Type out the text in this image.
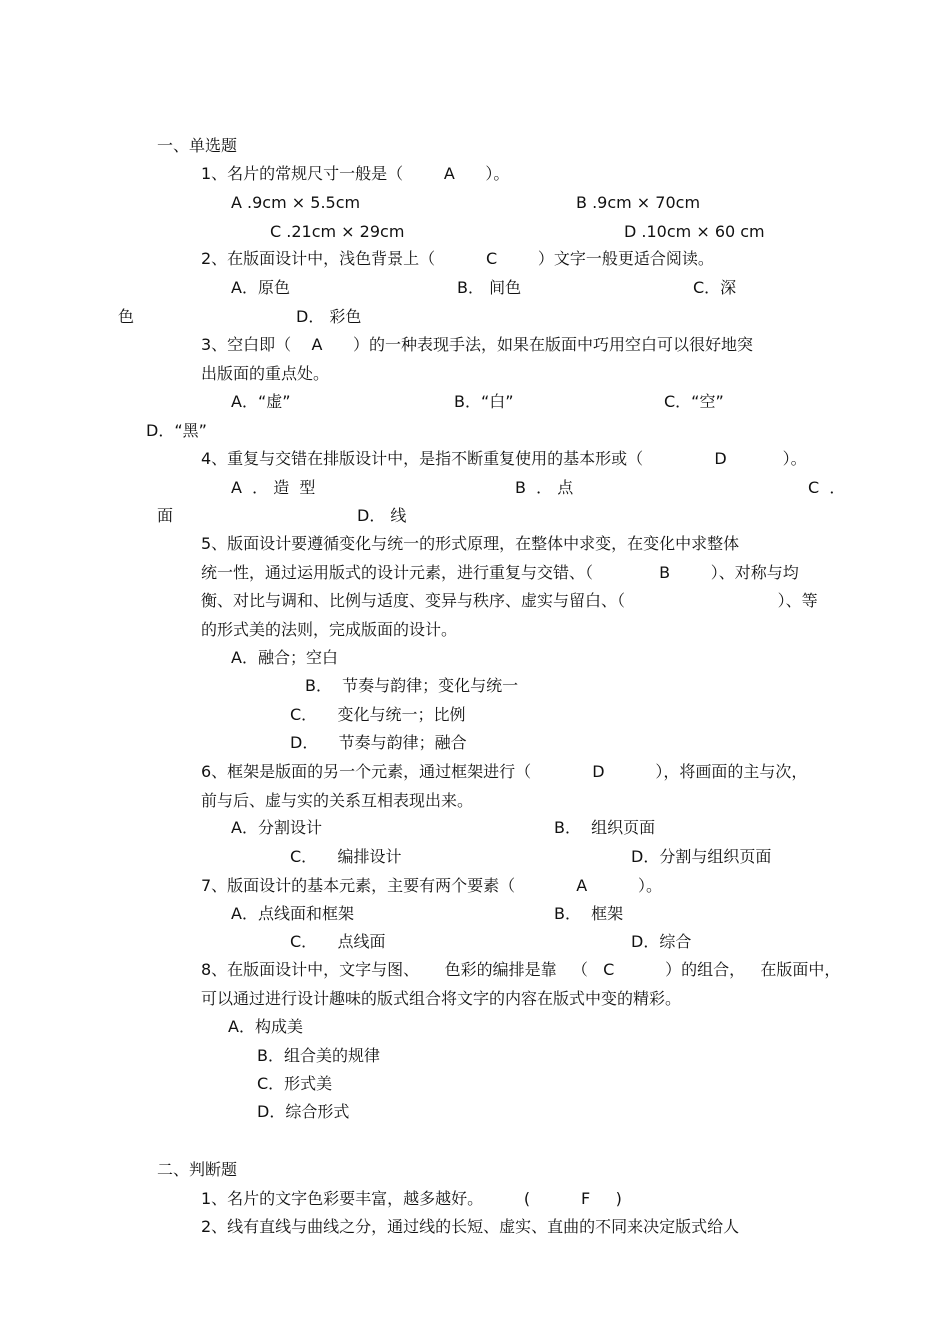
一、单选题
1、名片的常规尺寸一般是（        A      ）。
A .9cm × 5.5cm	B .9cm × 70cm
C .21cm × 29cm	D .10cm × 60 cm
2、在版面设计中，浅色背景上（          C        ）文字一般更适合阅读。
A．原色	B． 间色	C．深
色	D． 彩色
3、空白即（    A      ）的一种表现手法，如果在版面中巧用空白可以很好地突
出版面的重点处。
A．“虚”	B．“白”	C．“空”
D．“黑”
4、重复与交错在排版设计中，是指不断重复使用的基本形或（              D           ）。
A  ． 造  型	B  ． 点	C  ．
面	D． 线
5、版面设计要遵循变化与统一的形式原理，在整体中求变，在变化中求整体
统一性，通过运用版式的设计元素，进行重复与交错、（             B        ）、对称与均
衡、对比与调和、比例与适度、变异与秩序、虚实与留白、（                              ）、等
的形式美的法则，完成版面的设计。
A．融合；空白
B．  节奏与韵律；变化与统一
C．    变化与统一；比例
D．    节奏与韵律；融合
6、框架是版面的另一个元素，通过框架进行（            D          ），将画面的主与次，
前与后、虚与实的关系互相表现出来。
A．分割设计	B．  组织页面
C．    编排设计	D．分割与组织页面
7、版面设计的基本元素，主要有两个要素（            A          ）。
A．点线面和框架	B．  框架
C．    点线面	D．综合
8、在版面设计中，文字与图、     色彩的编排是靠   （   C          ）的组合，   在版面中，
可以通过进行设计趣味的版式组合将文字的内容在版式中变的精彩。
A．构成美
B．组合美的规律
C．形式美
D．综合形式
二、判断题
1、名片的文字色彩要丰富，越多越好。        (          F     )
2、线有直线与曲线之分，通过线的长短、虚实、直曲的不同来决定版式给人
